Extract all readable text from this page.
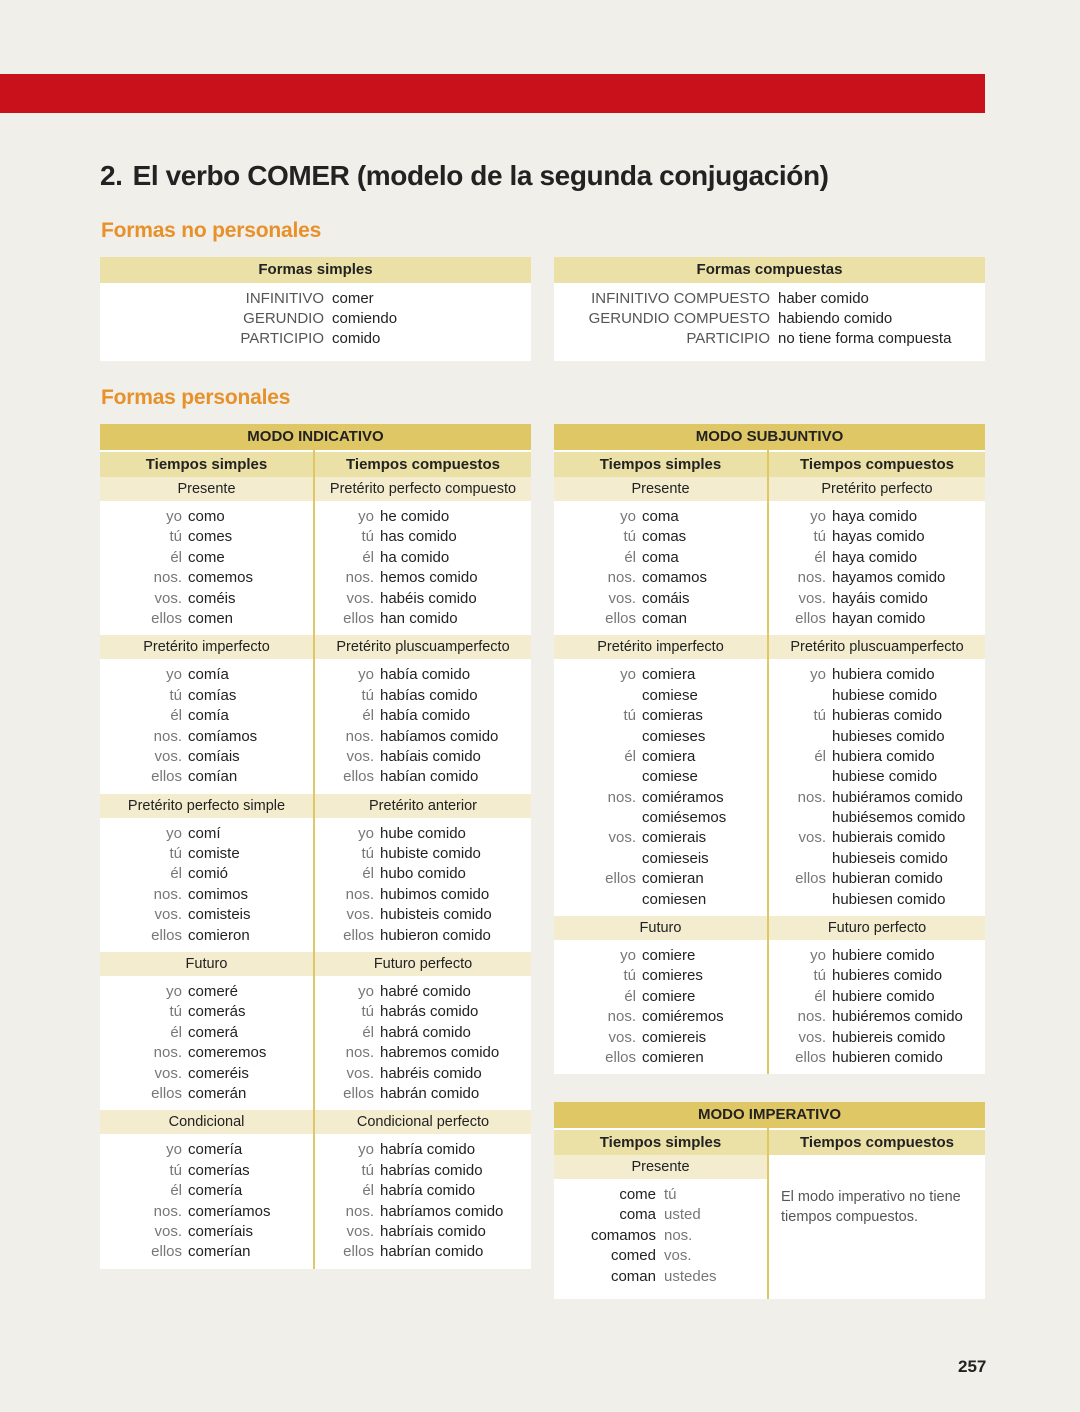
2. El verbo COMER (modelo de la segunda conjugación)
Formas no personales
Formas simples
INFINITIVO comer
GERUNDIO comiendo
PARTICIPIO comido
Formas compuestas
INFINITIVO COMPUESTO haber comido
GERUNDIO COMPUESTO habiendo comido
PARTICIPIO no tiene forma compuesta
Formas personales
MODO INDICATIVO
Tiempos simples
Presente
yo como
tú comes
él come
nos. comemos
vos. coméis
ellos comen
Pretérito imperfecto
yo comía
tú comías
él comía
nos. comíamos
vos. comíais
ellos comían
Pretérito perfecto simple
yo comí
tú comiste
él comió
nos. comimos
vos. comisteis
ellos comieron
Futuro
yo comeré
tú comerás
él comerá
nos. comeremos
vos. comeréis
ellos comerán
Condicional
yo comería
tú comerías
él comería
nos. comeríamos
vos. comeríais
ellos comerían
Tiempos compuestos
Pretérito perfecto compuesto
yo he comido
tú has comido
él ha comido
nos. hemos comido
vos. habéis comido
ellos han comido
Pretérito pluscuamperfecto
yo había comido
tú habías comido
él había comido
nos. habíamos comido
vos. habíais comido
ellos habían comido
Pretérito anterior
yo hube comido
tú hubiste comido
él hubo comido
nos. hubimos comido
vos. hubisteis comido
ellos hubieron comido
Futuro perfecto
yo habré comido
tú habrás comido
él habrá comido
nos. habremos comido
vos. habréis comido
ellos habrán comido
Condicional perfecto
yo habría comido
tú habrías comido
él habría comido
nos. habríamos comido
vos. habríais comido
ellos habrían comido
MODO SUBJUNTIVO
Tiempos simples
Presente
yo coma
tú comas
él coma
nos. comamos
vos. comáis
ellos coman
Pretérito imperfecto
yo comiera
comiese
tú comieras
comieses
él comiera
comiese
nos. comiéramos
comiésemos
vos. comierais
comieseis
ellos comieran
comiesen
Futuro
yo comiere
tú comieres
él comiere
nos. comiéremos
vos. comiereis
ellos comieren
Tiempos compuestos
Pretérito perfecto
yo haya comido
tú hayas comido
él haya comido
nos. hayamos comido
vos. hayáis comido
ellos hayan comido
Pretérito pluscuamperfecto
yo hubiera comido
hubiese comido
tú hubieras comido
hubieses comido
él hubiera comido
hubiese comido
nos. hubiéramos comido
hubiésemos comido
vos. hubierais comido
hubieseis comido
ellos hubieran comido
hubiesen comido
Futuro perfecto
yo hubiere comido
tú hubieres comido
él hubiere comido
nos. hubiéremos comido
vos. hubiereis comido
ellos hubieren comido
MODO IMPERATIVO
Tiempos simples
Presente
come tú
coma usted
comamos nos.
comed vos.
coman ustedes
Tiempos compuestos
El modo imperativo no tiene tiempos compuestos.
257
